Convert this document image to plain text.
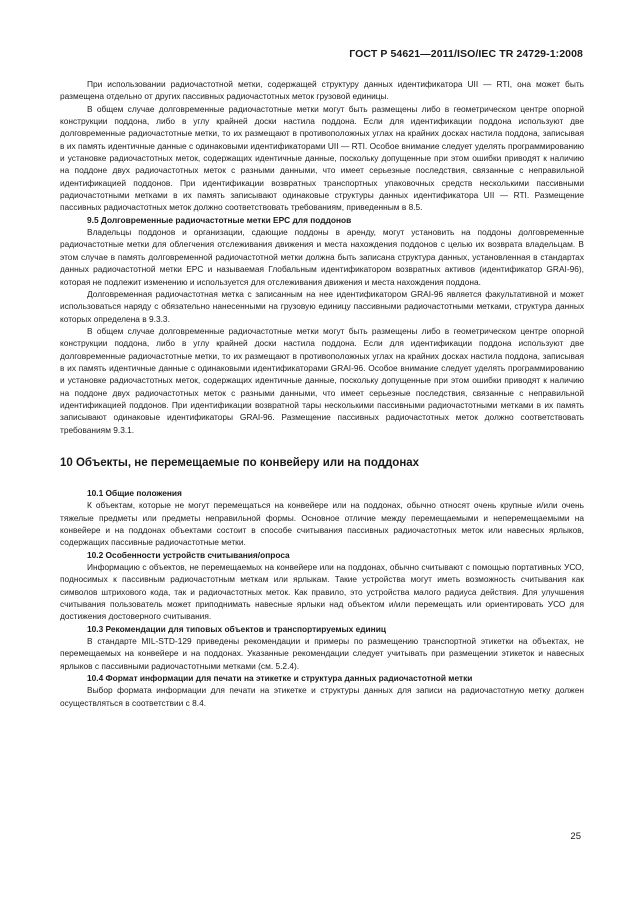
ГОСТ Р 54621—2011/ISO/IEC TR 24729-1:2008

При использовании радиочастотной метки, содержащей структуру данных идентификатора UII — RTI, она может быть размещена отдельно от других пассивных радиочастотных меток грузовой единицы.

В общем случае долговременные радиочастотные метки могут быть размещены либо в геометрическом центре опорной конструкции поддона, либо в углу крайней доски настила поддона. Если для идентификации поддона используют две долговременные радиочастотные метки, то их размещают в противоположных углах на крайних досках настила поддона, записывая в их память идентичные данные с одинаковыми идентификаторами UII — RTI. Особое внимание следует уделять программированию и установке радиочастотных меток, содержащих идентичные данные, поскольку допущенные при этом ошибки приводят к наличию на поддоне двух радиочастотных меток с разными данными, что имеет серьезные последствия, связанные с неправильной идентификацией поддонов. При идентификации возвратных транспортных упаковочных средств несколькими пассивными радиочастотными метками в их память записывают одинаковые структуры данных идентификатора UII — RTI. Размещение пассивных радиочастотных меток должно соответствовать требованиям, приведенным в 8.5.

9.5 Долговременные радиочастотные метки EPC для поддонов

Владельцы поддонов и организации, сдающие поддоны в аренду, могут установить на поддоны долговременные радиочастотные метки для облегчения отслеживания движения и места нахождения поддонов с целью их возврата владельцам. В этом случае в память долговременной радиочастотной метки должна быть записана структура данных, установленная в стандартах данных радиочастотной метки EPC и называемая Глобальным идентификатором возвратных активов (идентификатор GRAI-96), которая не подлежит изменению и используется для отслеживания движения и места нахождения поддона.

Долговременная радиочастотная метка с записанным на нее идентификатором GRAI-96 является факультативной и может использоваться наряду с обязательно нанесенными на грузовую единицу пассивными радиочастотными метками, структура данных которых определена в 9.3.3.

В общем случае долговременные радиочастотные метки могут быть размещены либо в геометрическом центре опорной конструкции поддона, либо в углу крайней доски настила поддона. Если для идентификации поддона используют две долговременные радиочастотные метки, то их размещают в противоположных углах на крайних досках настила поддона, записывая в их память идентичные данные с одинаковыми идентификаторами GRAI-96. Особое внимание следует уделять программированию и установке радиочастотных меток, содержащих идентичные данные, поскольку допущенные при этом ошибки приводят к наличию на поддоне двух радиочастотных меток с разными данными, что имеет серьезные последствия, связанные с неправильной идентификацией поддонов. При идентификации возвратной тары несколькими пассивными радиочастотными метками в их память записывают одинаковые идентификаторы GRAI-96. Размещение пассивных радиочастотных меток должно соответствовать требованиям 9.3.1.

10 Объекты, не перемещаемые по конвейеру или на поддонах

10.1 Общие положения

К объектам, которые не могут перемещаться на конвейере или на поддонах, обычно относят очень крупные и/или очень тяжелые предметы или предметы неправильной формы. Основное отличие между перемещаемыми и неперемещаемыми на конвейере и на поддонах объектами состоит в способе считывания пассивных радиочастотных меток или навесных ярлыков, содержащих пассивные радиочастотные метки.

10.2 Особенности устройств считывания/опроса

Информацию с объектов, не перемещаемых на конвейере или на поддонах, обычно считывают с помощью портативных УСО, подносимых к пассивным радиочастотным меткам или ярлыкам. Такие устройства могут иметь возможность считывания как символов штрихового кода, так и радиочастотных меток. Как правило, это устройства малого радиуса действия. Для улучшения считывания пользователь может приподнимать навесные ярлыки над объектом и/или перемещать или ориентировать УСО для достижения достоверного считывания.

10.3 Рекомендации для типовых объектов и транспортируемых единиц

В стандарте MIL-STD-129 приведены рекомендации и примеры по размещению транспортной этикетки на объектах, не перемещаемых на конвейере и на поддонах. Указанные рекомендации следует учитывать при размещении этикеток и навесных ярлыков с пассивными радиочастотными метками (см. 5.2.4).

10.4 Формат информации для печати на этикетке и структура данных радиочастотной метки

Выбор формата информации для печати на этикетке и структуры данных для записи на радиочастотную метку должен осуществляться в соответствии с 8.4.

25
